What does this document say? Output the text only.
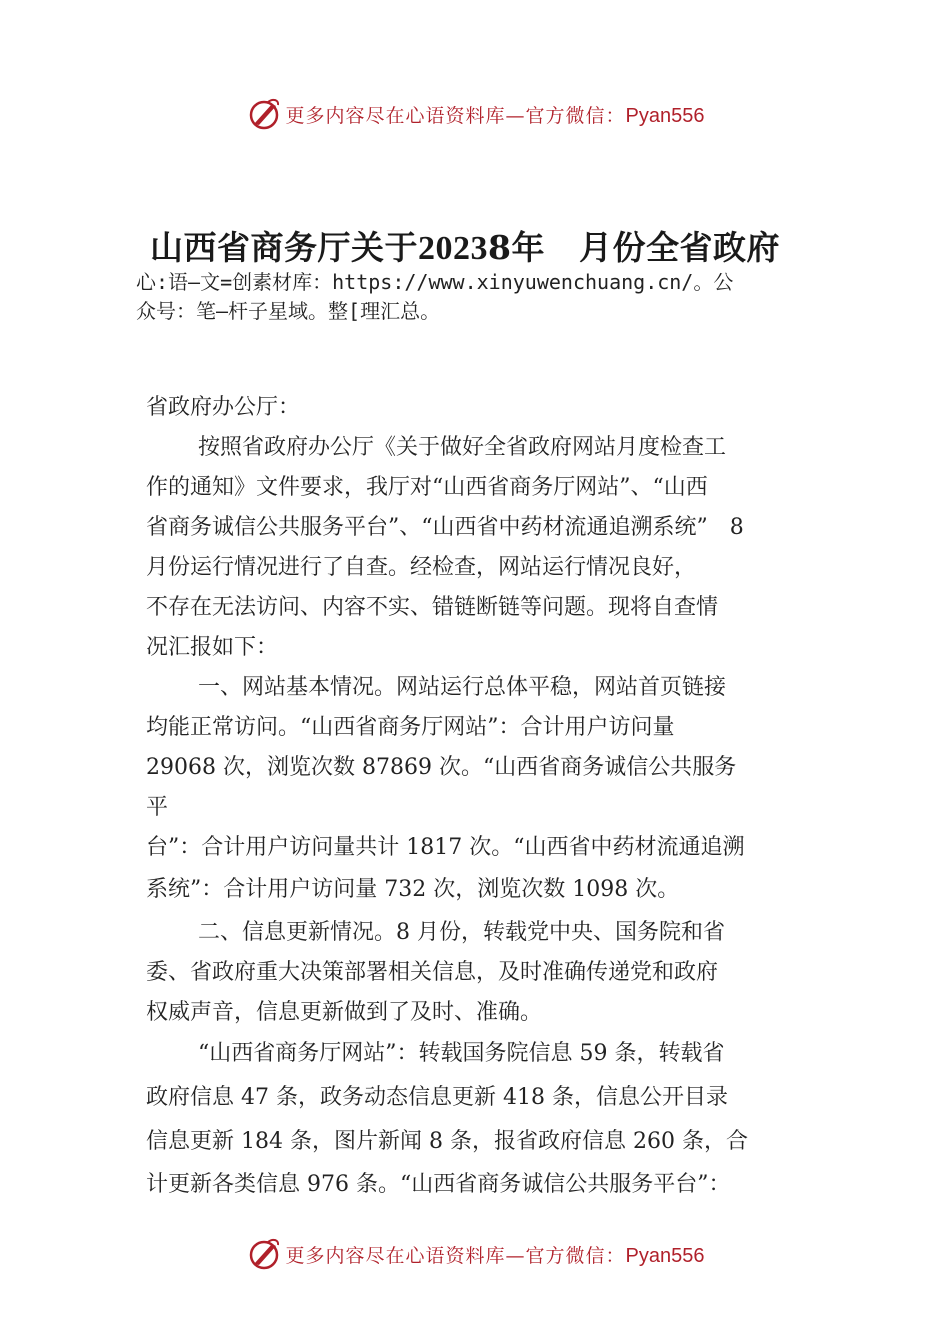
更多内容尽在心语资料库—官方微信：Pyan556
山西省商务厅关于20238年 月份全省政府
心:语—文=创素材库：https://www.xinyuwenchuang.cn/。公
众号：笔—杆子星域。整[理汇总。
省政府办公厅：
按照省政府办公厅《关于做好全省政府网站月度检查工
作的通知》文件要求，我厅对“山西省商务厅网站”、“山西
省商务诚信公共服务平台”、“山西省中药材流通追溯系统”　8
月份运行情况进行了自查。经检查，网站运行情况良好，
不存在无法访问、内容不实、错链断链等问题。现将自查情
况汇报如下：
一、网站基本情况。网站运行总体平稳，网站首页链接
均能正常访问。“山西省商务厅网站”：合计用户访问量
29068 次，浏览次数 87869 次。“山西省商务诚信公共服务
平
台”：合计用户访问量共计 1817 次。“山西省中药材流通追溯
系统”：合计用户访问量 732 次，浏览次数 1098 次。
二、信息更新情况。8 月份，转载党中央、国务院和省
委、省政府重大决策部署相关信息，及时准确传递党和政府
权威声音，信息更新做到了及时、准确。
“山西省商务厅网站”：转载国务院信息 59 条，转载省
政府信息 47 条，政务动态信息更新 418 条，信息公开目录
信息更新 184 条，图片新闻 8 条，报省政府信息 260 条，合
计更新各类信息 976 条。“山西省商务诚信公共服务平台”：
更多内容尽在心语资料库—官方微信：Pyan556
